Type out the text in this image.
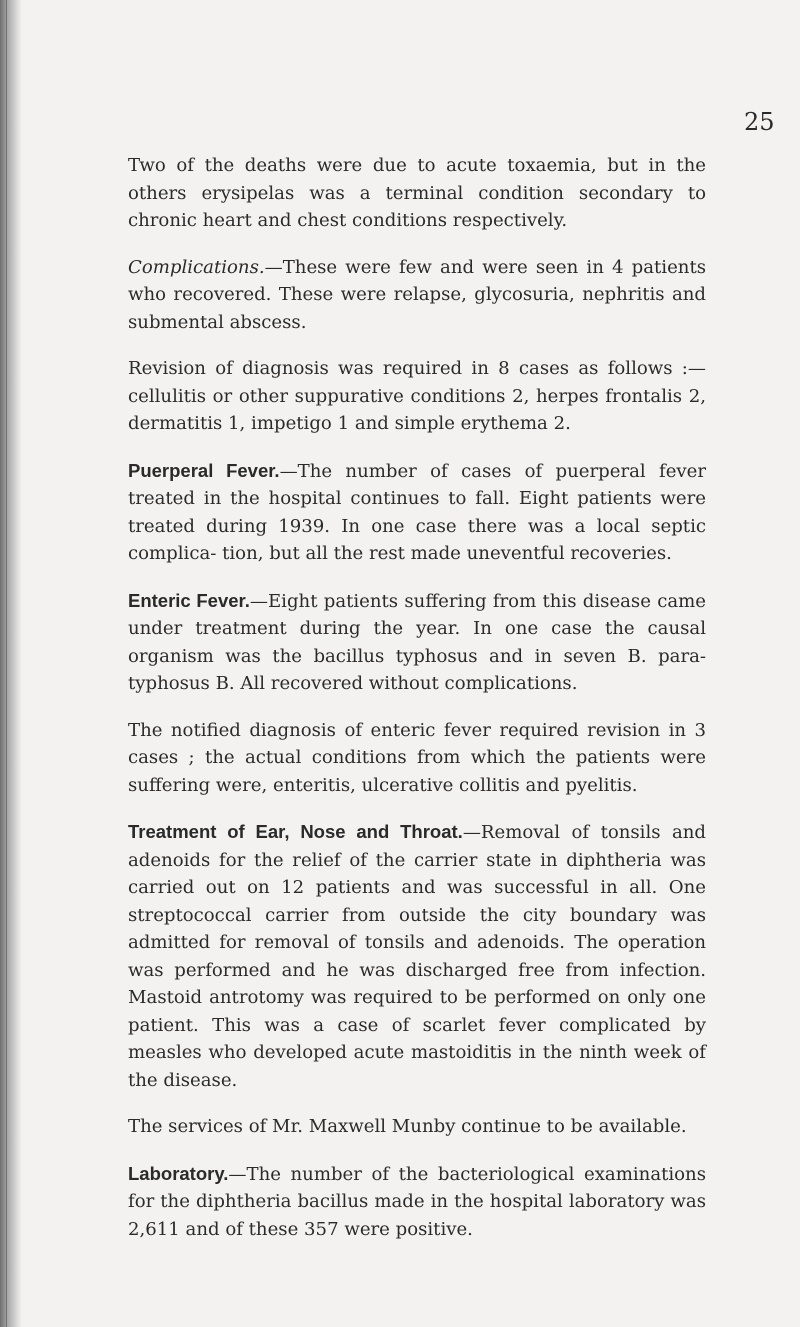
25

Two of the deaths were due to acute toxaemia, but in the others erysipelas was a terminal condition secondary to chronic heart and chest conditions respectively.

Complications.—These were few and were seen in 4 patients who recovered. These were relapse, glycosuria, nephritis and submental abscess.

Revision of diagnosis was required in 8 cases as follows :— cellulitis or other suppurative conditions 2, herpes frontalis 2, dermatitis 1, impetigo 1 and simple erythema 2.

Puerperal Fever.—The number of cases of puerperal fever treated in the hospital continues to fall. Eight patients were treated during 1939. In one case there was a local septic complica- tion, but all the rest made uneventful recoveries.

Enteric Fever.—Eight patients suffering from this disease came under treatment during the year. In one case the causal organism was the bacillus typhosus and in seven B. para-typhosus B. All recovered without complications.

The notified diagnosis of enteric fever required revision in 3 cases ; the actual conditions from which the patients were suffering were, enteritis, ulcerative collitis and pyelitis.

Treatment of Ear, Nose and Throat.—Removal of tonsils and adenoids for the relief of the carrier state in diphtheria was carried out on 12 patients and was successful in all. One streptococcal carrier from outside the city boundary was admitted for removal of tonsils and adenoids. The operation was performed and he was discharged free from infection. Mastoid antrotomy was required to be performed on only one patient. This was a case of scarlet fever complicated by measles who developed acute mastoiditis in the ninth week of the disease.

The services of Mr. Maxwell Munby continue to be available.

Laboratory.—The number of the bacteriological examinations for the diphtheria bacillus made in the hospital laboratory was 2,611 and of these 357 were positive.
